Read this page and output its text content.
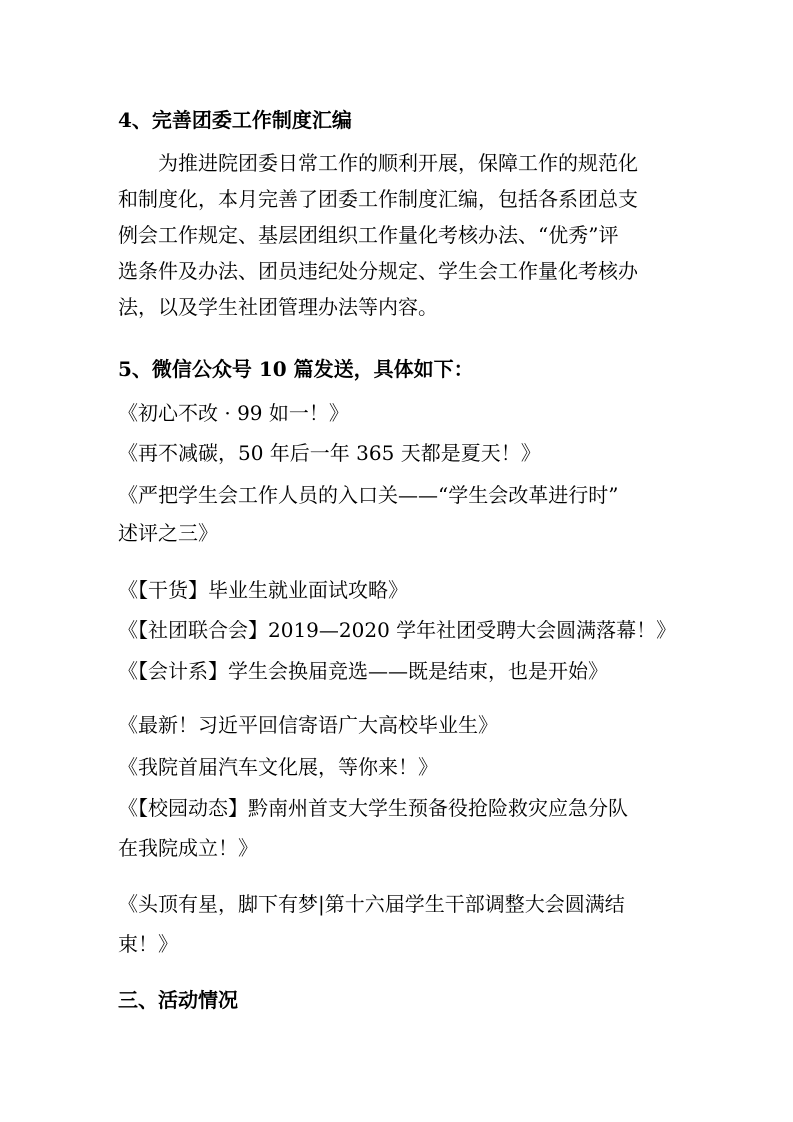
4、完善团委工作制度汇编
为推进院团委日常工作的顺利开展，保障工作的规范化
和制度化，本月完善了团委工作制度汇编，包括各系团总支
例会工作规定、基层团组织工作量化考核办法、“优秀”评
选条件及办法、团员违纪处分规定、学生会工作量化考核办
法，以及学生社团管理办法等内容。
5、微信公众号 10 篇发送，具体如下：
《初心不改 · 99 如一！》
《再不减碳，50 年后一年 365 天都是夏天！》
《严把学生会工作人员的入口关——“学生会改革进行时”
述评之三》
《【干货】毕业生就业面试攻略》
《【社团联合会】2019—2020 学年社团受聘大会圆满落幕！》
《【会计系】学生会换届竞选——既是结束，也是开始》
《最新！习近平回信寄语广大高校毕业生》
《我院首届汽车文化展，等你来！》
《【校园动态】黔南州首支大学生预备役抢险救灾应急分队
在我院成立！》
《头顶有星，脚下有梦|第十六届学生干部调整大会圆满结
束！》
三、活动情况
